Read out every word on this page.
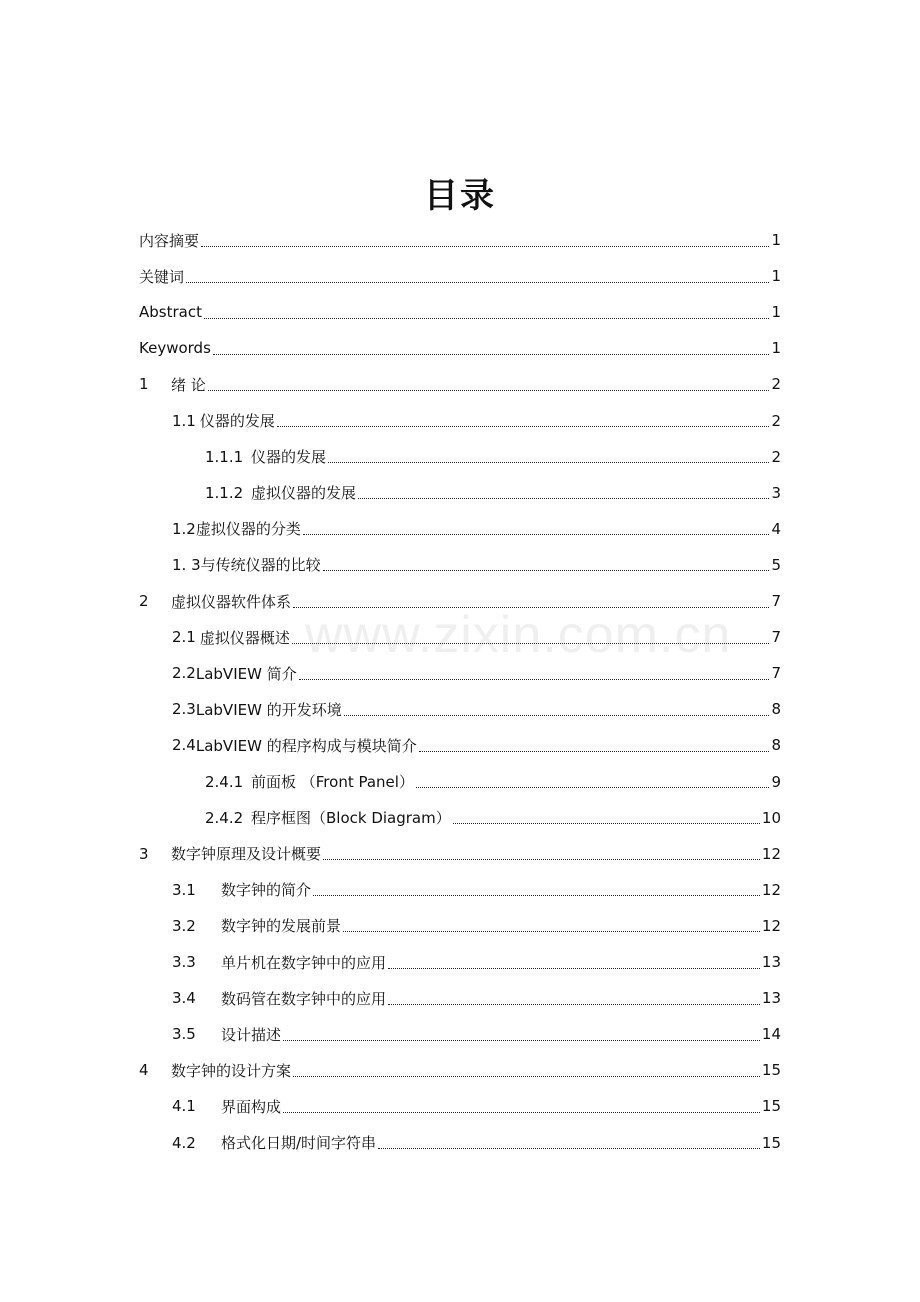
目录
内容摘要	1
关键词	1
Abstract	1
Keywords	1
1	绪 论	2
1.1 仪器的发展	2
1.1.1 仪器的发展	2
1.1.2 虚拟仪器的发展	3
1.2 虚拟仪器的分类	4
1. 3 与传统仪器的比较	5
2	虚拟仪器软件体系	7
2.1 虚拟仪器概述	7
2.2 LabVIEW 简介	7
2.3 LabVIEW 的开发环境	8
2.4 LabVIEW 的程序构成与模块简介	8
2.4.1 前面板 （Front Panel）	9
2.4.2 程序框图（Block Diagram）	10
3	数字钟原理及设计概要	12
3.1	数字钟的简介	12
3.2	数字钟的发展前景	12
3.3	单片机在数字钟中的应用	13
3.4	数码管在数字钟中的应用	13
3.5	设计描述	14
4	数字钟的设计方案	15
4.1	界面构成	15
4.2	格式化日期/时间字符串	15
www.zixin.com.cn
